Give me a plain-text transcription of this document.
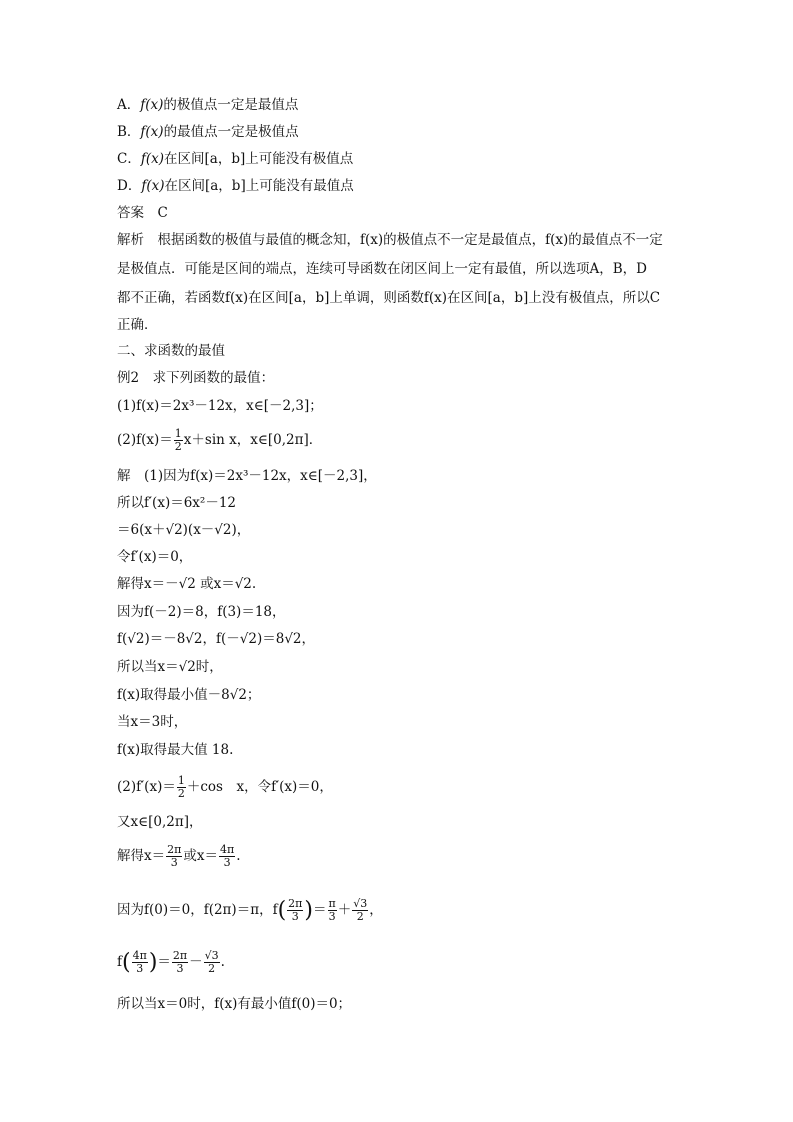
A．f(x)的极值点一定是最值点
B．f(x)的最值点一定是极值点
C．f(x)在区间[a，b]上可能没有极值点
D．f(x)在区间[a，b]上可能没有最值点
答案　 C
解析　 根据函数的极值与最值的概念知，f(x)的极值点不一定是最值点，f(x)的最值点不一定
是极值点．可能是区间的端点，连续可导函数在闭区间上一定有最值，所以选项A，B，D
都不正确，若函数f(x)在区间[a，b]上单调，则函数f(x)在区间[a，b]上没有极值点，所以C
正确．
二、求函数的最值
例2　求下列函数的最值：
(1)f(x)＝2x³－12x，x∈[－2,3]；
$(2)f(x)= \frac{1}{2} x+\sin$ x，x∈[0,2π]．
解　(1)因为f(x)＝2x³－12x，x∈[－2,3]，
所以f′(x)＝6x²－12
＝6(x＋√2)(x－√2)，
令f′(x)＝0，
解得x＝－√2 或x＝√2.
因为f(－2)＝8，f(3)＝18，
f(√2)＝－8√2，f(－√2)＝8√2，
所以当x＝√2时，
f(x)取得最小值－8√2；
当x＝3时，
f(x)取得最大值 18.
$(2)f'(x)= \frac{1}{2} +\cos$　x，令f′(x)＝0，
又x∈[0,2π]，
解得$x= \frac{2\pi}{3}$ 或$x= \frac{4\pi}{3}$ .
因为f(0)＝0，f(2π)＝π，$f( \frac{2\pi}{3}$ )＝ $\frac{\pi}{3} + \frac{√3}{2}$ ，
$f( \frac{4\pi}{3}$ )＝ $\frac{2\pi}{3} - \frac{√3}{2}$ .
所以当x＝0时，f(x)有最小值f(0)＝0；
